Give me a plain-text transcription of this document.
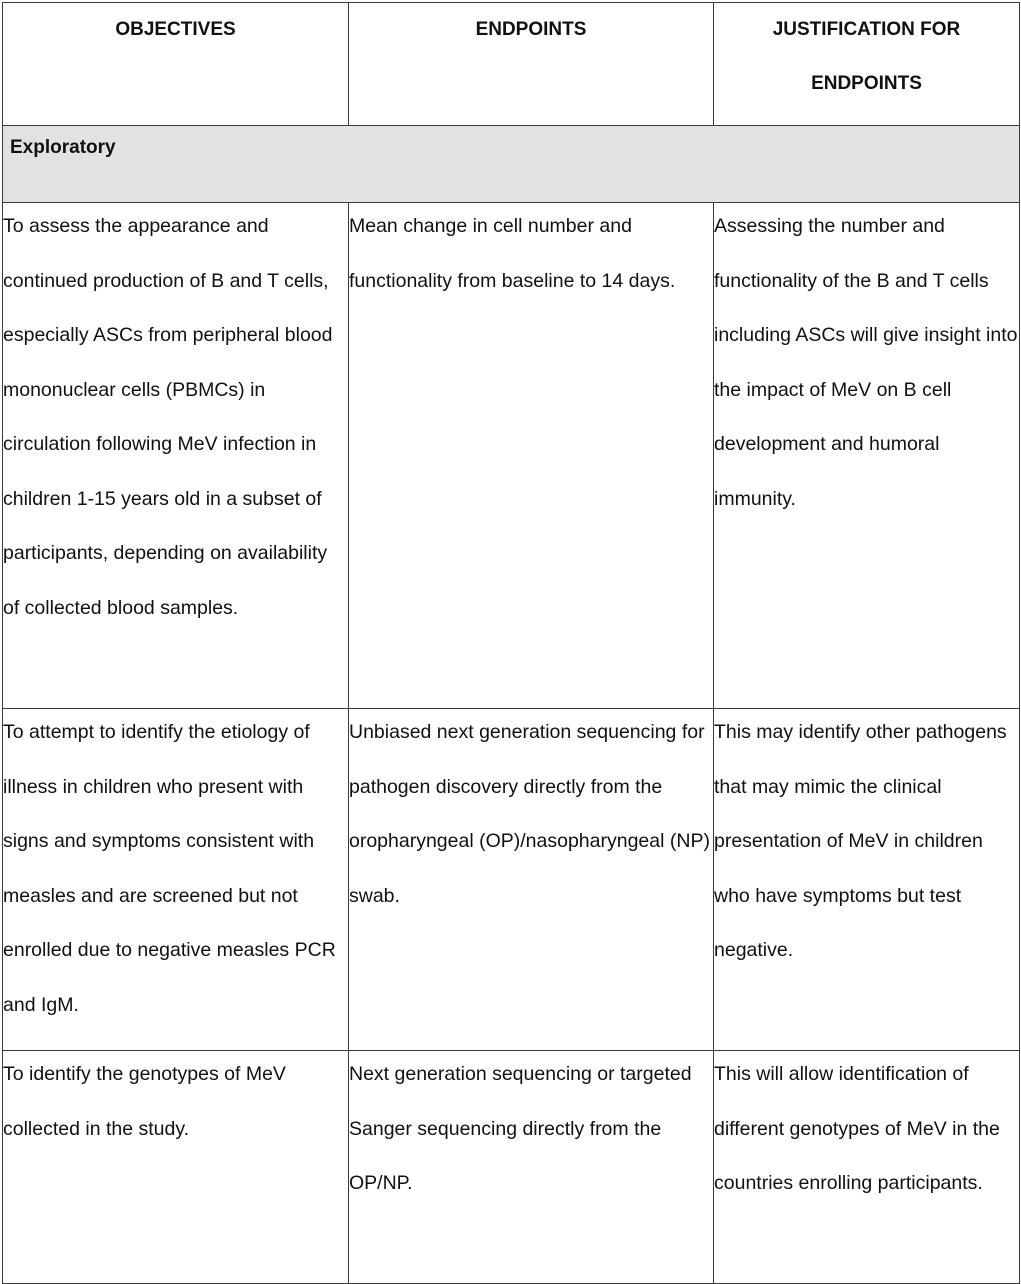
OBJECTIVES	ENDPOINTS	JUSTIFICATION FOR
ENDPOINTS
Exploratory		

To assess the appearance and continued production of B and T cells, especially ASCs from peripheral blood mononuclear cells (PBMCs) in circulation following MeV infection in children 1-15 years old in a subset of participants, depending on availability of collected blood samples.	Mean change in cell number and functionality from baseline to 14 days.	Assessing the number and functionality of the B and T cells including ASCs will give insight into the impact of MeV on B cell development and humoral immunity.

To attempt to identify the etiology of illness in children who present with signs and symptoms consistent with measles and are screened but not enrolled due to negative measles PCR and IgM.	Unbiased next generation sequencing for pathogen discovery directly from the oropharyngeal (OP)/nasopharyngeal (NP) swab.	This may identify other pathogens that may mimic the clinical presentation of MeV in children who have symptoms but test negative.

To identify the genotypes of MeV collected in the study.	Next generation sequencing or targeted Sanger sequencing directly from the OP/NP.	This will allow identification of different genotypes of MeV in the countries enrolling participants.
